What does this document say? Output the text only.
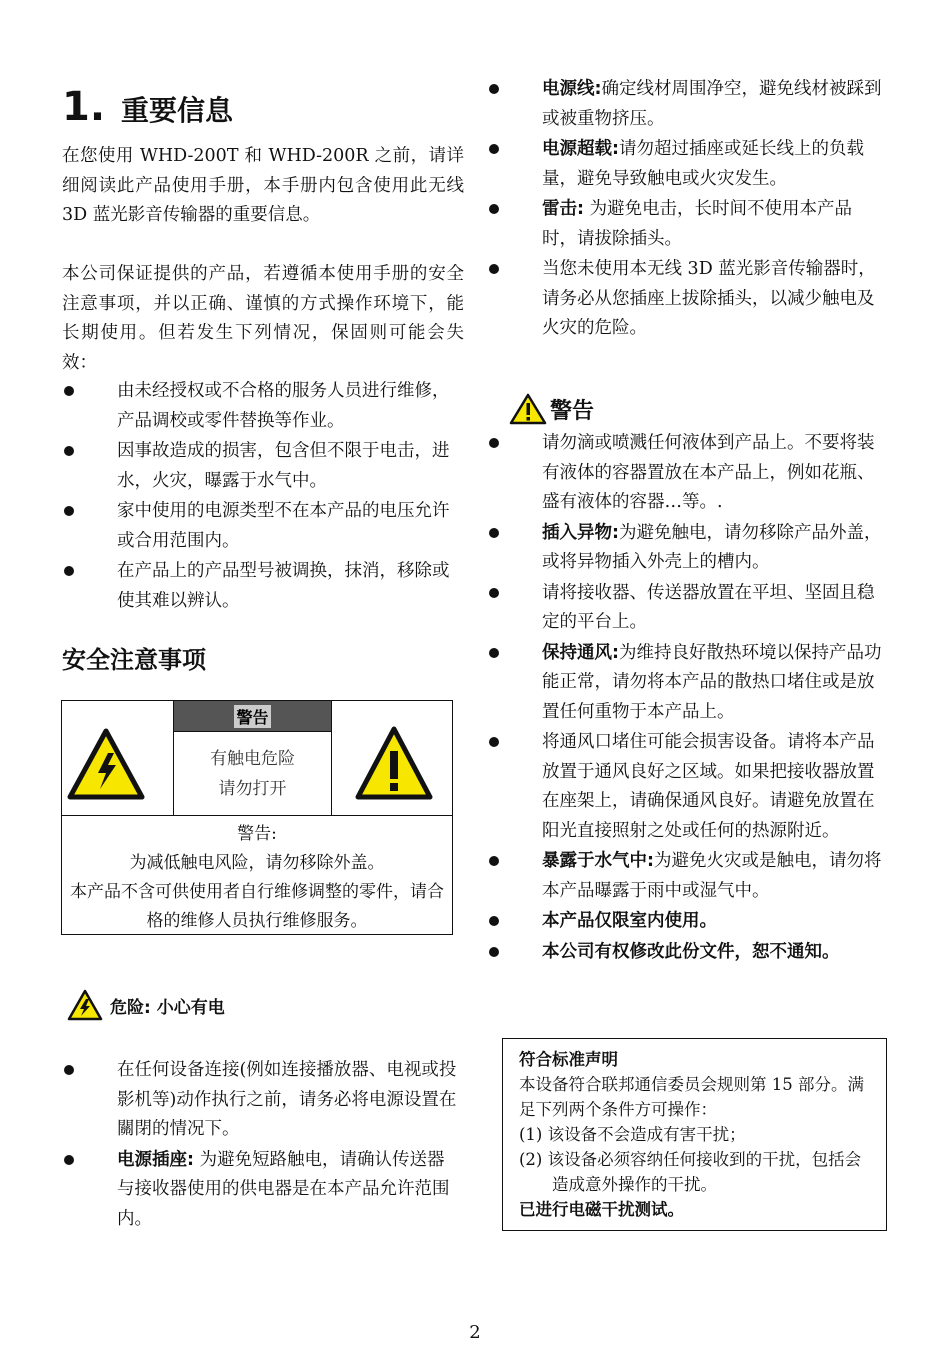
1. 重要信息
在您使用 WHD-200T 和 WHD-200R 之前，请详细阅读此产品使用手册，本手册内包含使用此无线 3D 蓝光影音传输器的重要信息。
本公司保证提供的产品，若遵循本使用手册的安全注意事项，并以正确、谨慎的方式操作环境下，能长期使用。但若发生下列情况，保固则可能会失效：
由未经授权或不合格的服务人员进行维修，产品调校或零件替换等作业。
因事故造成的损害，包含但不限于电击，进水，火灾，曝露于水气中。
家中使用的电源类型不在本产品的电压允许或合用范围内。
在产品上的产品型号被调换，抹消，移除或使其难以辨认。
安全注意事项
警告
有触电危险
请勿打开
警告:
为减低触电风险，请勿移除外盖。
本产品不含可供使用者自行维修调整的零件，请合格的维修人员执行维修服务。
危险: 小心有电
在任何设备连接(例如连接播放器、电视或投影机等)动作执行之前，请务必将电源设置在關閉的情况下。
电源插座: 为避免短路触电，请确认传送器与接收器使用的供电器是在本产品允许范围内。
电源线:确定线材周围净空，避免线材被踩到或被重物挤压。
电源超载:请勿超过插座或延长线上的负载量，避免导致触电或火灾发生。
雷击: 为避免电击，长时间不使用本产品时，请拔除插头。
当您未使用本无线 3D 蓝光影音传输器时，请务必从您插座上拔除插头，以减少触电及火灾的危险。
警告
请勿滴或喷溅任何液体到产品上。不要将装有液体的容器置放在本产品上，例如花瓶、盛有液体的容器…等。.
插入异物:为避免触电，请勿移除产品外盖，或将异物插入外壳上的槽内。
请将接收器、传送器放置在平坦、坚固且稳定的平台上。
保持通风:为维持良好散热环境以保持产品功能正常，请勿将本产品的散热口堵住或是放置任何重物于本产品上。
将通风口堵住可能会损害设备。请将本产品放置于通风良好之区域。如果把接收器放置在座架上，请确保通风良好。请避免放置在阳光直接照射之处或任何的热源附近。
暴露于水气中:为避免火灾或是触电，请勿将本产品曝露于雨中或湿气中。
本产品仅限室内使用。
本公司有权修改此份文件，恕不通知。
符合标准声明
本设备符合联邦通信委员会规则第 15 部分。满足下列两个条件方可操作：
(1) 该设备不会造成有害干扰；
(2) 该设备必须容纳任何接收到的干扰，包括会造成意外操作的干扰。
已进行电磁干扰测试。
2
